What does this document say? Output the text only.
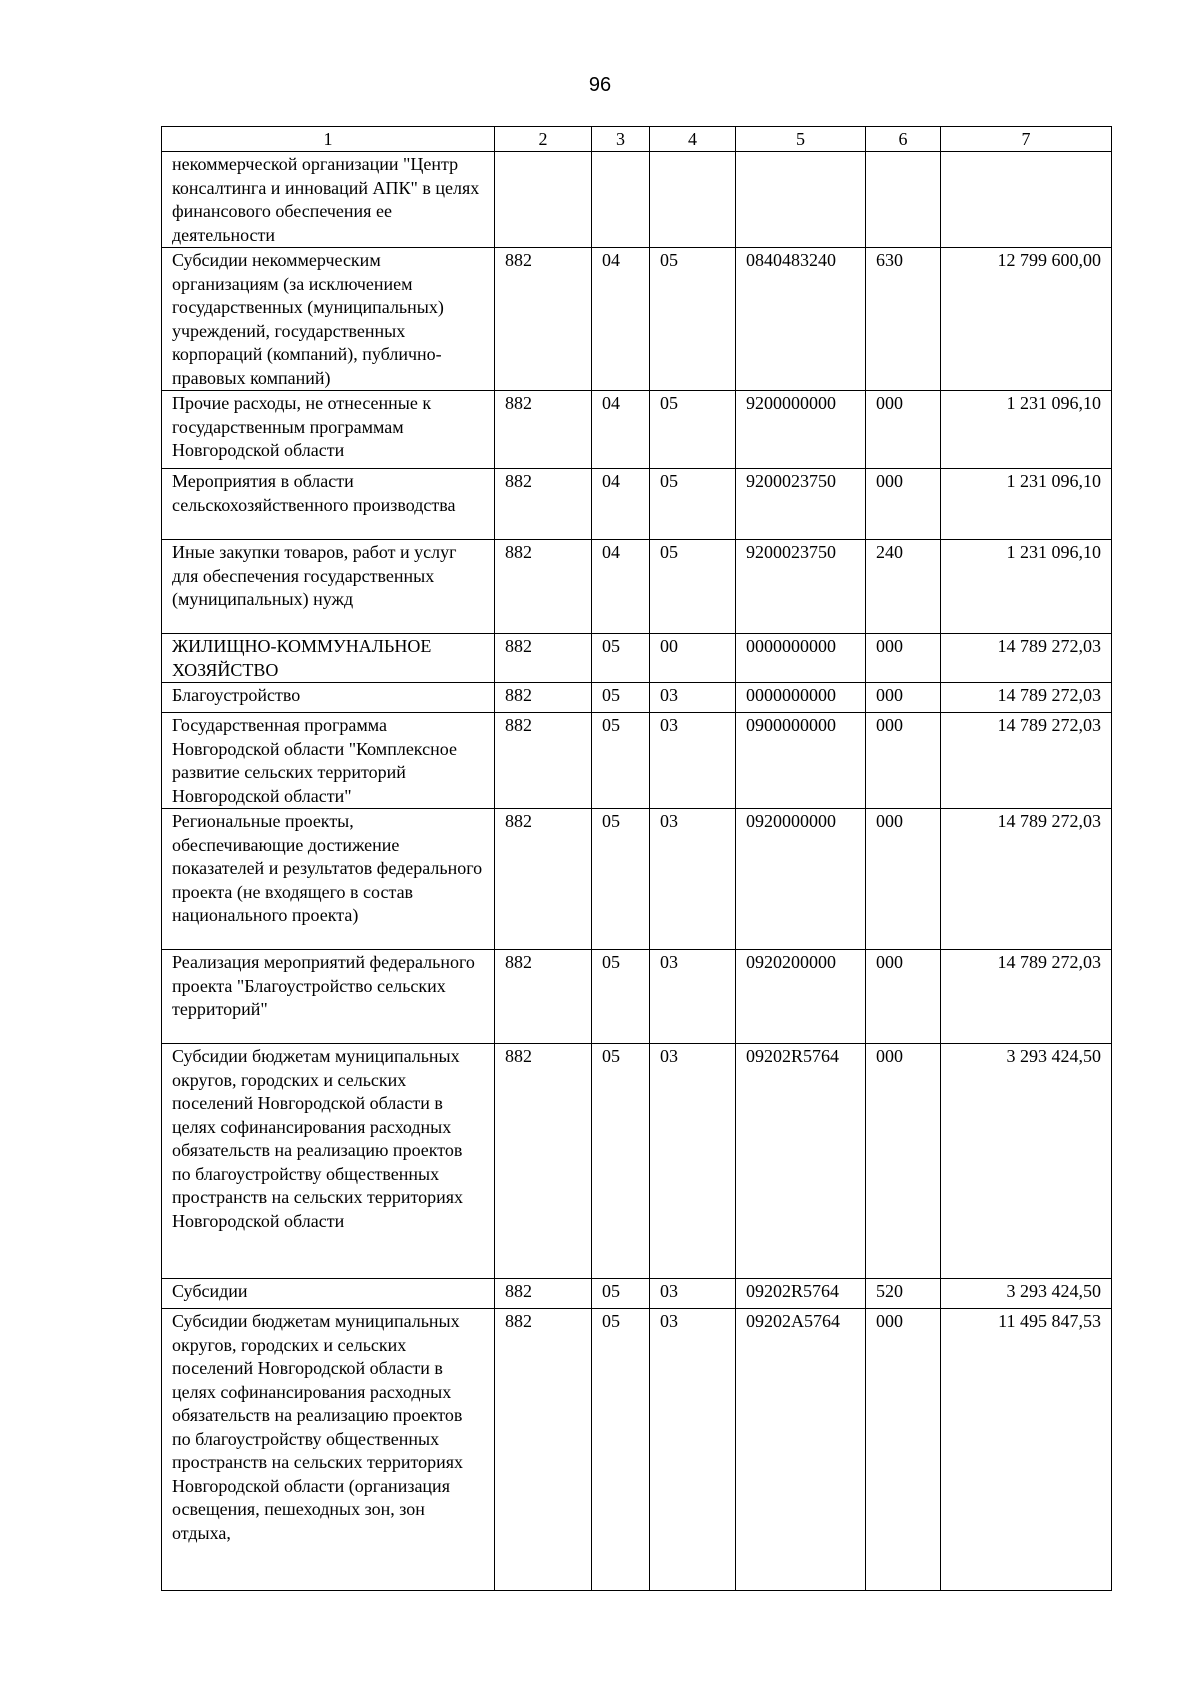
96
1	2	3	4	5	6	7
некоммерческой организации "Центр консалтинга и инноваций АПК" в целях финансового обеспечения ее деятельности						
Субсидии некоммерческим организациям (за исключением государственных (муниципальных) учреждений, государственных корпораций (компаний), публично-правовых компаний)	882	04	05	0840483240	630	12 799 600,00
Прочие расходы, не отнесенные к государственным программам Новгородской области	882	04	05	9200000000	000	1 231 096,10
Мероприятия в области сельскохозяйственного производства	882	04	05	9200023750	000	1 231 096,10
Иные закупки товаров, работ и услуг для обеспечения государственных (муниципальных) нужд	882	04	05	9200023750	240	1 231 096,10
ЖИЛИЩНО-КОММУНАЛЬНОЕ ХОЗЯЙСТВО	882	05	00	0000000000	000	14 789 272,03
Благоустройство	882	05	03	0000000000	000	14 789 272,03
Государственная программа Новгородской области "Комплексное развитие сельских территорий Новгородской области"	882	05	03	0900000000	000	14 789 272,03
Региональные проекты, обеспечивающие достижение показателей и результатов федерального проекта (не входящего в состав национального проекта)	882	05	03	0920000000	000	14 789 272,03
Реализация мероприятий федерального проекта "Благоустройство сельских территорий"	882	05	03	0920200000	000	14 789 272,03
Субсидии бюджетам муниципальных округов, городских и сельских поселений Новгородской области в целях софинансирования расходных обязательств на реализацию проектов по благоустройству общественных пространств на сельских территориях Новгородской области	882	05	03	09202R5764	000	3 293 424,50
Субсидии	882	05	03	09202R5764	520	3 293 424,50
Субсидии бюджетам муниципальных округов, городских и сельских поселений Новгородской области в целях софинансирования расходных обязательств на реализацию проектов по благоустройству общественных пространств на сельских территориях Новгородской области (организация освещения, пешеходных зон, зон отдыха,	882	05	03	09202A5764	000	11 495 847,53
